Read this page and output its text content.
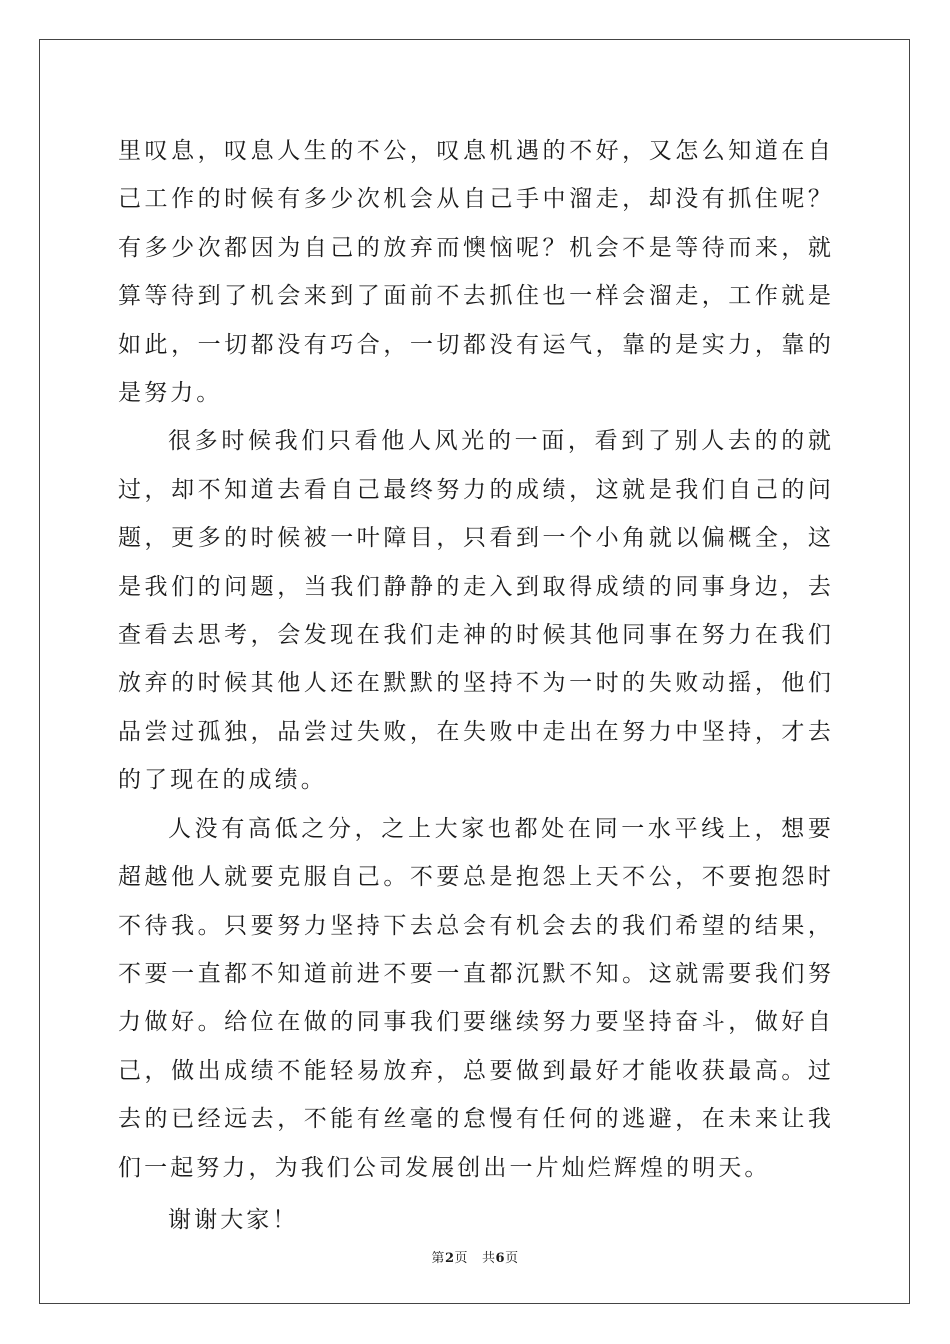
里叹息，叹息人生的不公，叹息机遇的不好，又怎么知道在自己工作的时候有多少次机会从自己手中溜走，却没有抓住呢？有多少次都因为自己的放弃而懊恼呢？机会不是等待而来，就算等待到了机会来到了面前不去抓住也一样会溜走，工作就是如此，一切都没有巧合，一切都没有运气，靠的是实力，靠的是努力。

很多时候我们只看他人风光的一面，看到了别人去的的就过，却不知道去看自己最终努力的成绩，这就是我们自己的问题，更多的时候被一叶障目，只看到一个小角就以偏概全，这是我们的问题，当我们静静的走入到取得成绩的同事身边，去查看去思考，会发现在我们走神的时候其他同事在努力在我们放弃的时候其他人还在默默的坚持不为一时的失败动摇，他们品尝过孤独，品尝过失败，在失败中走出在努力中坚持，才去的了现在的成绩。

人没有高低之分，之上大家也都处在同一水平线上，想要超越他人就要克服自己。不要总是抱怨上天不公，不要抱怨时不待我。只要努力坚持下去总会有机会去的我们希望的结果，不要一直都不知道前进不要一直都沉默不知。这就需要我们努力做好。给位在做的同事我们要继续努力要坚持奋斗，做好自己，做出成绩不能轻易放弃，总要做到最好才能收获最高。过去的已经远去，不能有丝毫的怠慢有任何的逃避，在未来让我们一起努力，为我们公司发展创出一片灿烂辉煌的明天。

谢谢大家！

第2页 共6页
